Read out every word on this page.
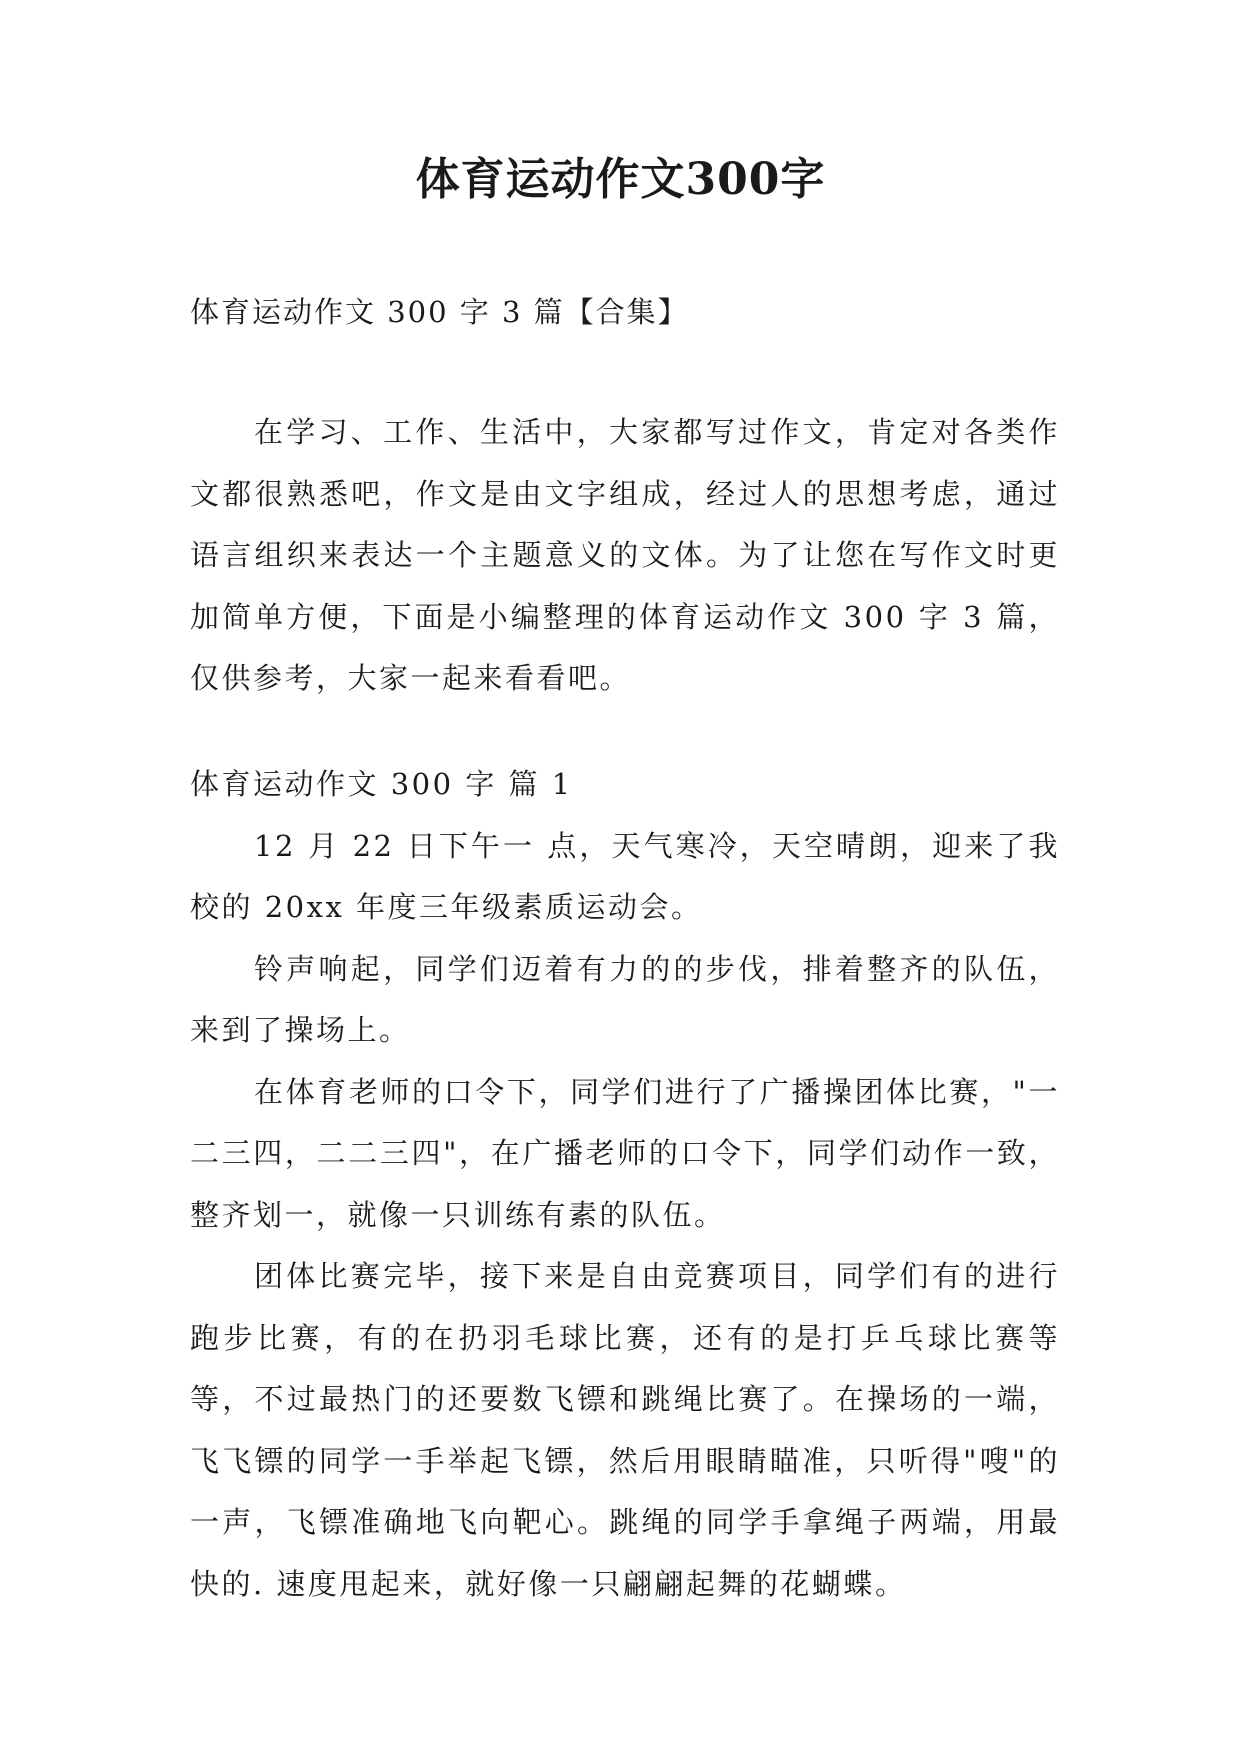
体育运动作文300字
体育运动作文 300 字 3 篇【合集】

在学习、工作、生活中，大家都写过作文，肯定对各类作文都很熟悉吧，作文是由文字组成，经过人的思想考虑，通过语言组织来表达一个主题意义的文体。为了让您在写作文时更加简单方便，下面是小编整理的体育运动作文 300 字 3 篇，仅供参考，大家一起来看看吧。

体育运动作文 300 字 篇 1

12 月 22 日下午一 点，天气寒冷，天空晴朗，迎来了我校的 20xx 年度三年级素质运动会。

铃声响起，同学们迈着有力的的步伐，排着整齐的队伍，来到了操场上。

在体育老师的口令下，同学们进行了广播操团体比赛，"一二三四，二二三四"，在广播老师的口令下，同学们动作一致，整齐划一，就像一只训练有素的队伍。

团体比赛完毕，接下来是自由竞赛项目，同学们有的进行跑步比赛，有的在扔羽毛球比赛，还有的是打乒乓球比赛等等，不过最热门的还要数飞镖和跳绳比赛了。在操场的一端，飞飞镖的同学一手举起飞镖，然后用眼睛瞄准，只听得"嗖"的一声，飞镖准确地飞向靶心。跳绳的同学手拿绳子两端，用最快的. 速度甩起来，就好像一只翩翩起舞的花蝴蝶。
